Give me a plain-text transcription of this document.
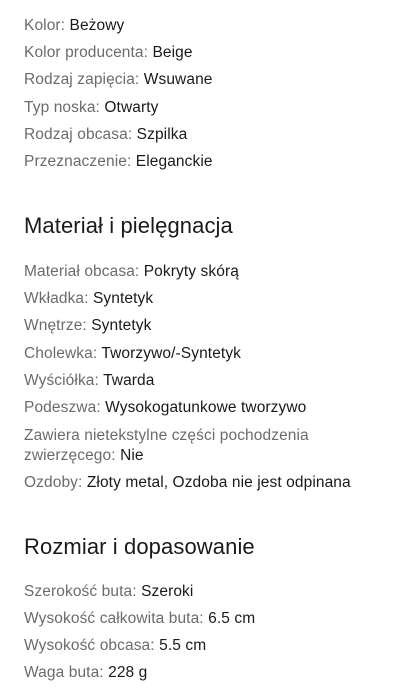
Kolor: Beżowy
Kolor producenta: Beige
Rodzaj zapięcia: Wsuwane
Typ noska: Otwarty
Rodzaj obcasa: Szpilka
Przeznaczenie: Eleganckie
Materiał i pielęgnacja
Materiał obcasa: Pokryty skórą
Wkładka: Syntetyk
Wnętrze: Syntetyk
Cholewka: Tworzywo/-Syntetyk
Wyściółka: Twarda
Podeszwa: Wysokogatunkowe tworzywo
Zawiera nietekstylne części pochodzenia zwierzęcego: Nie
Ozdoby: Złoty metal, Ozdoba nie jest odpinana
Rozmiar i dopasowanie
Szerokość buta: Szeroki
Wysokość całkowita buta: 6.5 cm
Wysokość obcasa: 5.5 cm
Waga buta: 228 g
